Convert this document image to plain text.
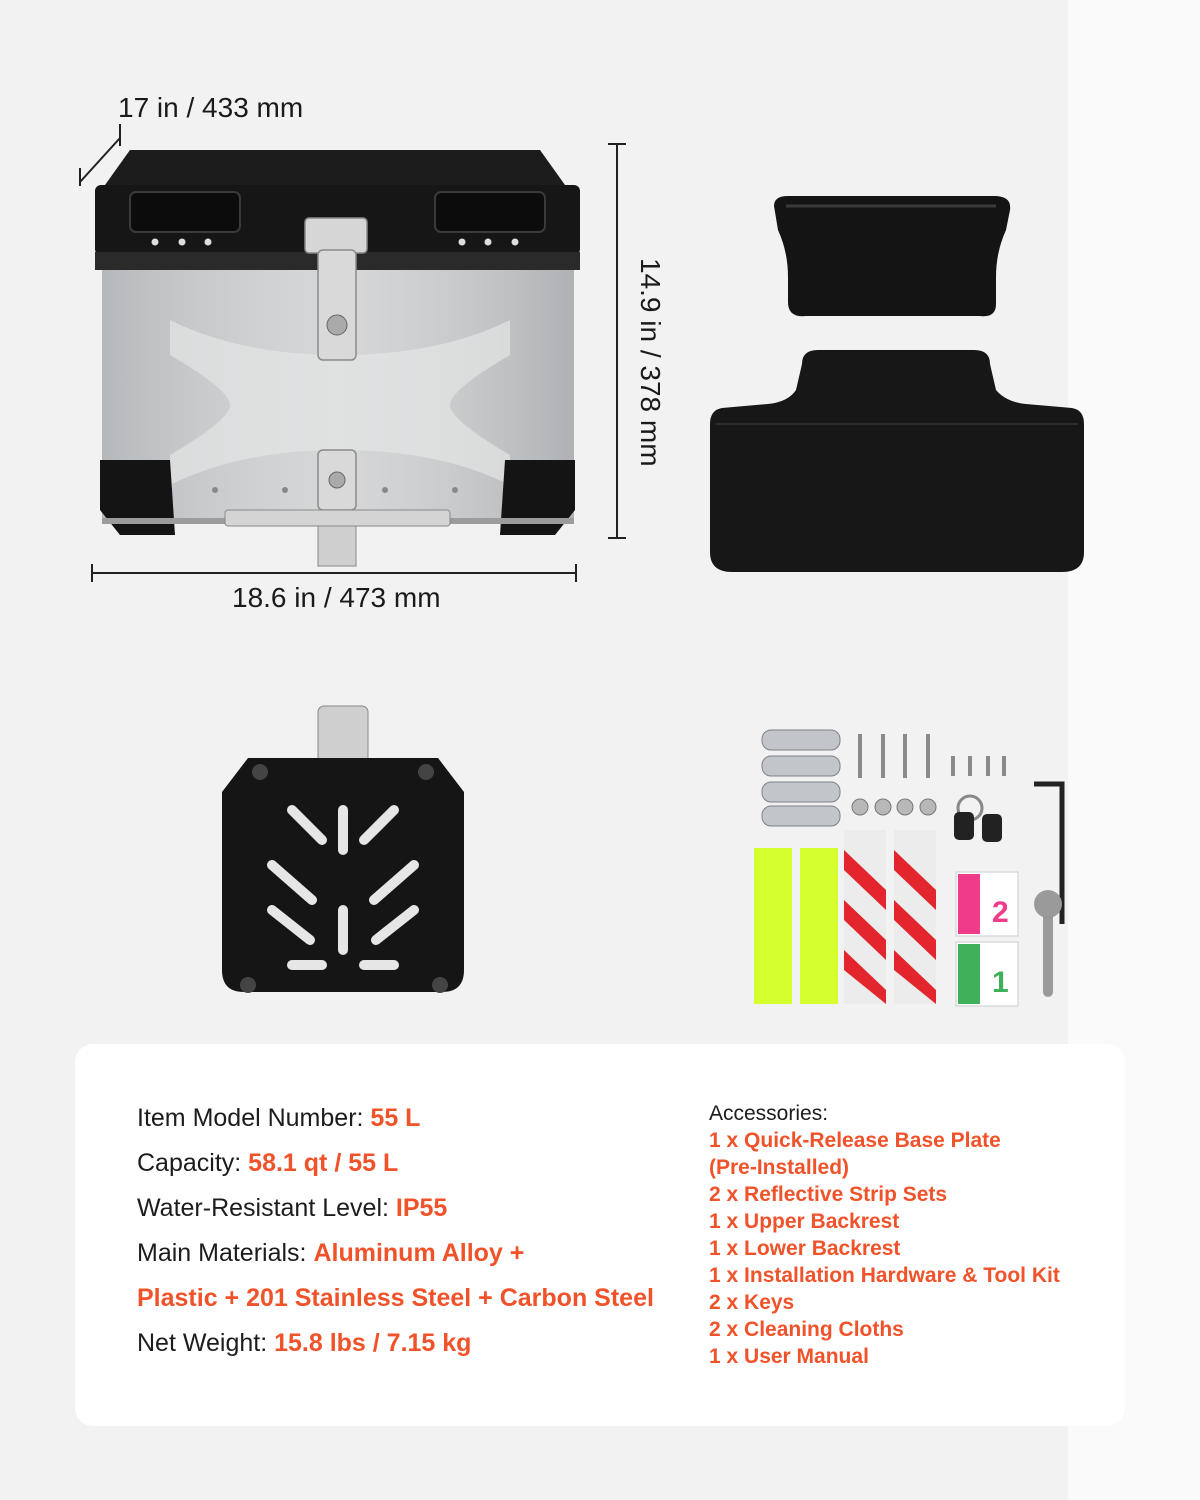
17 in / 433 mm
14.9 in / 378 mm
18.6 in / 473 mm
2
1
Item Model Number: 55 L
Capacity: 58.1 qt / 55 L
Water-Resistant Level: IP55
Main Materials: Aluminum Alloy +
Plastic + 201 Stainless Steel + Carbon Steel
Net Weight: 15.8 lbs / 7.15 kg
Accessories:
1 x Quick-Release Base Plate
(Pre-Installed)
2 x Reflective Strip Sets
1 x Upper Backrest
1 x Lower Backrest
1 x Installation Hardware & Tool Kit
2 x Keys
2 x Cleaning Cloths
1 x User Manual
